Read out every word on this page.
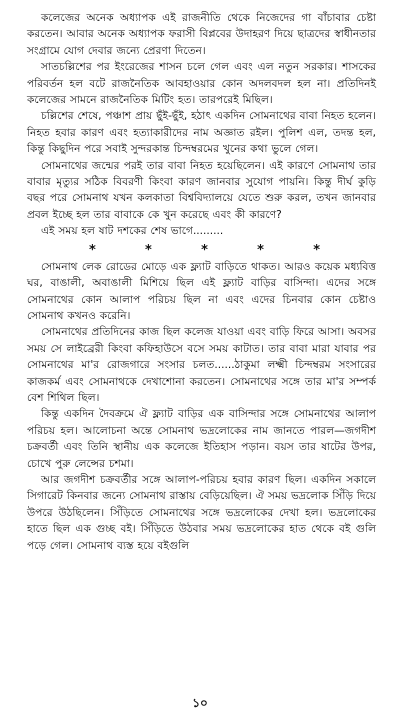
কলেজের অনেক অধ্যাপক এই রাজনীতি থেকে নিজেদের গা বাঁচাবার চেষ্টা করতেন। আবার অনেক অধ্যাপক ফরাসী বিপ্লবের উদাহরণ দিয়ে ছাত্রদের স্বাধীনতার সংগ্রামে যোগ দেবার জন্যে প্রেরণা দিতেন।

সাতচল্লিশের পর ইংরেজের শাসন চলে গেল এবং এল নতুন সরকার। শাসকের পরিবর্তন হল বটে রাজনৈতিক আবহাওয়ার কোন অদলবদল হল না। প্রতিদিনই কলেজের সামনে রাজনৈতিক মিটিং হত। তারপরেই মিছিল।

চল্লিশের শেষে, পঞ্চাশ প্রায় ছুঁই-ছুঁই, হঠাৎ একদিন সোমনাথের বাবা নিহত হলেন। নিহত হবার কারণ এবং হত্যাকারীদের নাম অজ্ঞাত রইল। পুলিশ এল, তদন্ত হল, কিন্তু কিছুদিন পরে সবাই সুন্দরকান্ত চিন্দম্বরমের খুনের কথা ভুলে গেল।

সোমনাথের জন্মের পরই তার বাবা নিহত হয়েছিলেন। এই কারণে সোমনাথ তার বাবার মৃত্যুর সঠিক বিবরণী কিংবা কারণ জানবার সুযোগ পায়নি। কিন্তু দীর্ঘ কুড়ি বছর পরে সোমনাথ যখন কলকাতা বিশ্ববিদ্যালয়ে যেতে শুরু করল, তখন জানবার প্রবল ইচ্ছে হল তার বাবাকে কে খুন করেছে এবং কী কারণে?

এই সময় হল ষাট দশকের শেষ ভাগে.........

*	*	*	*	*

সোমনাথ লেক রোডের মোড়ে এক ফ্ল্যাট বাড়িতে থাকত। আরও কয়েক মধ্যবিত্ত ঘর, বাঙালী, অবাঙালী মিশিয়ে ছিল এই ফ্ল্যাট বাড়ির বাসিন্দা। এদের সঙ্গে সোমনাথের কোন আলাপ পরিচয় ছিল না এবং এদের চিনবার কোন চেষ্টাও সোমনাথ কখনও করেনি।

সোমনাথের প্রতিদিনের কাজ ছিল কলেজ যাওয়া এবং বাড়ি ফিরে আসা। অবসর সময় সে লাইব্রেরী কিংবা কফিহাউসে বসে সময় কাটাত। তার বাবা মারা যাবার পর সোমনাথের মা'র রোজগারে সংসার চলত......ঠাকুমা লক্ষ্মী চিন্দম্বরম সংসারের কাজকর্ম এবং সোমনাথকে দেখাশোনা করতেন। সোমনাথের সঙ্গে তার মা'র সম্পর্ক বেশ শিথিল ছিল।

কিন্তু একদিন দৈবক্রমে ঐ ফ্ল্যাট বাড়ির এক বাসিন্দার সঙ্গে সোমনাথের আলাপ পরিচয় হল। আলোচনা অন্তে সোমনাথ ভদ্রলোকের নাম জানতে পারল—জগদীশ চক্রবর্তী এবং তিনি স্থানীয় এক কলেজে ইতিহাস পড়ান। বয়স তার ষাটের উপর, চোখে পুরু লেন্সের চশমা।

আর জগদীশ চক্রবর্তীর সঙ্গে আলাপ-পরিচয় হবার কারণ ছিল। একদিন সকালে সিগারেট কিনবার জন্যে সোমনাথ রাস্তায় বেড়িয়েছিল। ঐ সময় ভদ্রলোক সিঁড়ি দিয়ে উপরে উঠছিলেন। সিঁড়িতে সোমনাথের সঙ্গে ভদ্রলোকের দেখা হল। ভদ্রলোকের হাতে ছিল এক গুচ্ছ বই। সিঁড়িতে উঠবার সময় ভদ্রলোকের হাত থেকে বই গুলি পড়ে গেল। সোমনাথ ব্যস্ত হয়ে বইগুলি

১০
